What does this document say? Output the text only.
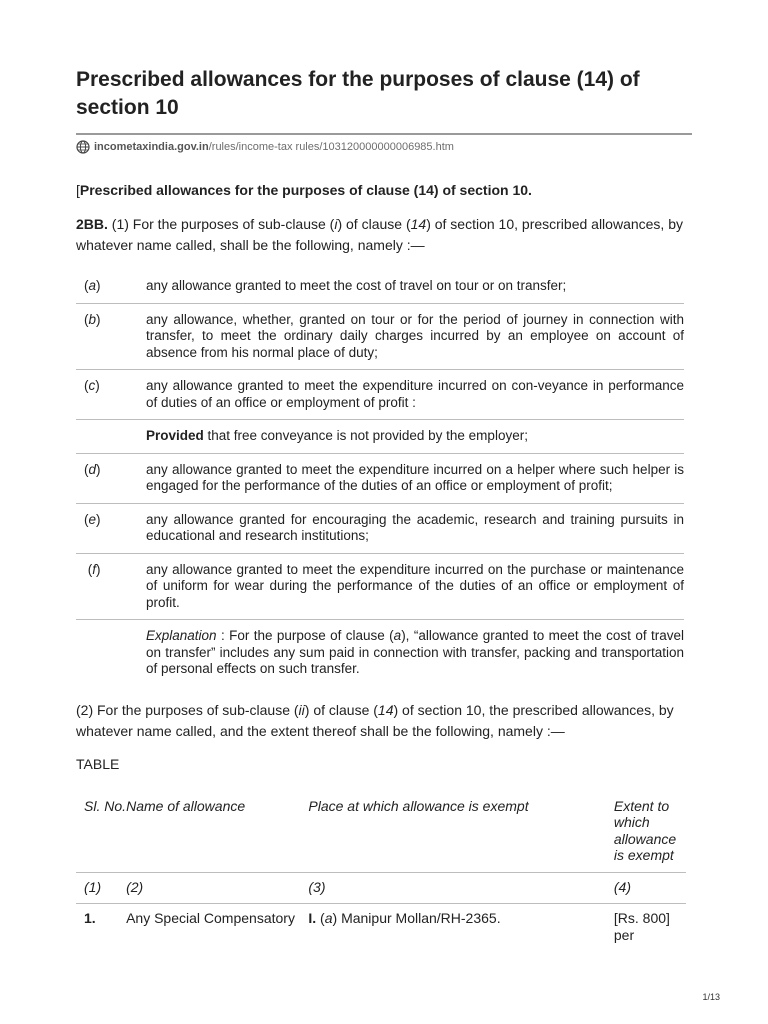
Prescribed allowances for the purposes of clause (14) of section 10
incometaxindia.gov.in /rules/income-tax rules/103120000000006985.htm
[Prescribed allowances for the purposes of clause (14) of section 10.
2BB. (1) For the purposes of sub-clause (i) of clause (14) of section 10, prescribed allowances, by whatever name called, shall be the following, namely :—
(a)	any allowance granted to meet the cost of travel on tour or on transfer;
(b)	any allowance, whether, granted on tour or for the period of journey in connection with transfer, to meet the ordinary daily charges incurred by an employee on account of absence from his normal place of duty;
(c)	any allowance granted to meet the expenditure incurred on con-veyance in performance of duties of an office or employment of profit :
	Provided that free conveyance is not provided by the employer;
(d)	any allowance granted to meet the expenditure incurred on a helper where such helper is engaged for the performance of the duties of an office or employment of profit;
(e)	any allowance granted for encouraging the academic, research and training pursuits in educational and research institutions;
(f)	any allowance granted to meet the expenditure incurred on the purchase or maintenance of uniform for wear during the performance of the duties of an office or employment of profit.
	Explanation : For the purpose of clause (a), “allowance granted to meet the cost of travel on transfer” includes any sum paid in connection with transfer, packing and transportation of personal effects on such transfer.
(2) For the purposes of sub-clause (ii) of clause (14) of section 10, the prescribed allowances, by whatever name called, and the extent thereof shall be the following, namely :—
TABLE
Sl. No.	Name of allowance	Place at which allowance is exempt	Extent to which allowance is exempt
(1)	(2)	(3)	(4)
1.	Any Special Compensatory	I. (a) Manipur Mollan/RH-2365.	[Rs. 800] per
1/13
